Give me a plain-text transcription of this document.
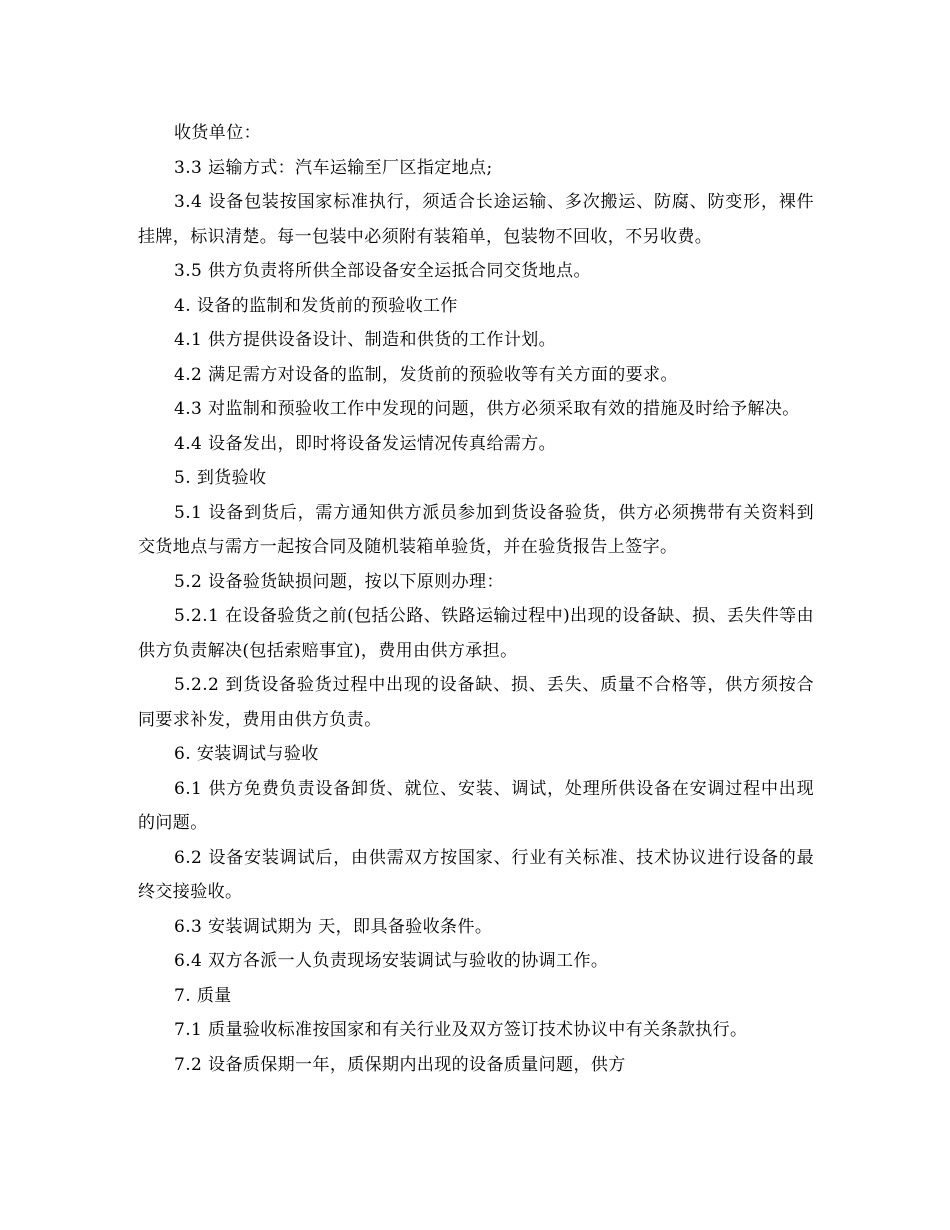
收货单位：

3.3 运输方式：汽车运输至厂区指定地点;

3.4 设备包装按国家标准执行，须适合长途运输、多次搬运、防腐、防变形，裸件挂牌，标识清楚。每一包装中必须附有装箱单，包装物不回收，不另收费。

3.5 供方负责将所供全部设备安全运抵合同交货地点。

4. 设备的监制和发货前的预验收工作

4.1 供方提供设备设计、制造和供货的工作计划。

4.2 满足需方对设备的监制，发货前的预验收等有关方面的要求。

4.3 对监制和预验收工作中发现的问题，供方必须采取有效的措施及时给予解决。

4.4 设备发出，即时将设备发运情况传真给需方。

5. 到货验收

5.1 设备到货后，需方通知供方派员参加到货设备验货，供方必须携带有关资料到交货地点与需方一起按合同及随机装箱单验货，并在验货报告上签字。

5.2 设备验货缺损问题，按以下原则办理：

5.2.1 在设备验货之前(包括公路、铁路运输过程中)出现的设备缺、损、丢失件等由供方负责解决(包括索赔事宜)，费用由供方承担。

5.2.2 到货设备验货过程中出现的设备缺、损、丢失、质量不合格等，供方须按合同要求补发，费用由供方负责。

6. 安装调试与验收

6.1 供方免费负责设备卸货、就位、安装、调试，处理所供设备在安调过程中出现的问题。

6.2 设备安装调试后，由供需双方按国家、行业有关标准、技术协议进行设备的最终交接验收。

6.3 安装调试期为 天，即具备验收条件。

6.4 双方各派一人负责现场安装调试与验收的协调工作。

7. 质量

7.1 质量验收标准按国家和有关行业及双方签订技术协议中有关条款执行。

7.2 设备质保期一年，质保期内出现的设备质量问题，供方
